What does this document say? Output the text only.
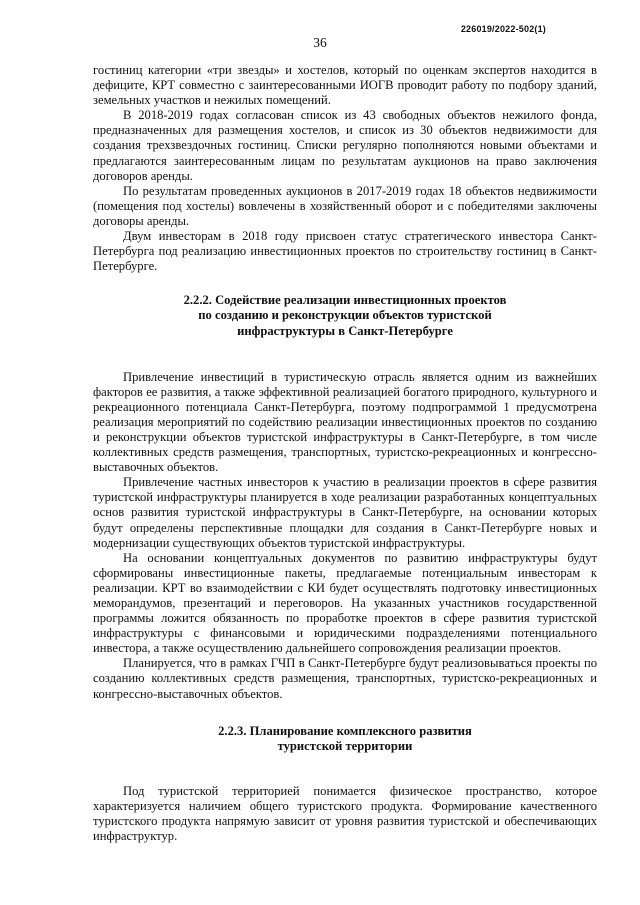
226019/2022-502(1)
36

гостиниц категории «три звезды» и хостелов, который по оценкам экспертов находится в дефиците, КРТ совместно с заинтересованными ИОГВ проводит работу по подбору зданий, земельных участков и нежилых помещений.

В 2018-2019 годах согласован список из 43 свободных объектов нежилого фонда, предназначенных для размещения хостелов, и список из 30 объектов недвижимости для создания трехзвездочных гостиниц. Списки регулярно пополняются новыми объектами и предлагаются заинтересованным лицам по результатам аукционов на право заключения договоров аренды.

По результатам проведенных аукционов в 2017-2019 годах 18 объектов недвижимости (помещения под хостелы) вовлечены в хозяйственный оборот и с победителями заключены договоры аренды.

Двум инвесторам в 2018 году присвоен статус стратегического инвестора Санкт-Петербурга под реализацию инвестиционных проектов по строительству гостиниц в Санкт-Петербурге.

2.2.2. Содействие реализации инвестиционных проектов
по созданию и реконструкции объектов туристской
инфраструктуры в Санкт-Петербурге

Привлечение инвестиций в туристическую отрасль является одним из важнейших факторов ее развития, а также эффективной реализацией богатого природного, культурного и рекреационного потенциала Санкт-Петербурга, поэтому подпрограммой 1 предусмотрена реализация мероприятий по содействию реализации инвестиционных проектов по созданию и реконструкции объектов туристской инфраструктуры в Санкт-Петербурге, в том числе коллективных средств размещения, транспортных, туристско-рекреационных и конгрессно-выставочных объектов.

Привлечение частных инвесторов к участию в реализации проектов в сфере развития туристской инфраструктуры планируется в ходе реализации разработанных концептуальных основ развития туристской инфраструктуры в Санкт-Петербурге, на основании которых будут определены перспективные площадки для создания в Санкт-Петербурге новых и модернизации существующих объектов туристской инфраструктуры.

На основании концептуальных документов по развитию инфраструктуры будут сформированы инвестиционные пакеты, предлагаемые потенциальным инвесторам к реализации. КРТ во взаимодействии с КИ будет осуществлять подготовку инвестиционных меморандумов, презентаций и переговоров. На указанных участников государственной программы ложится обязанность по проработке проектов в сфере развития туристской инфраструктуры с финансовыми и юридическими подразделениями потенциального инвестора, а также осуществлению дальнейшего сопровождения реализации проектов.

Планируется, что в рамках ГЧП в Санкт-Петербурге будут реализовываться проекты по созданию коллективных средств размещения, транспортных, туристско-рекреационных и конгрессно-выставочных объектов.

2.2.3. Планирование комплексного развития
туристской территории

Под туристской территорией понимается физическое пространство, которое характеризуется наличием общего туристского продукта. Формирование качественного туристского продукта напрямую зависит от уровня развития туристской и обеспечивающих инфраструктур.
